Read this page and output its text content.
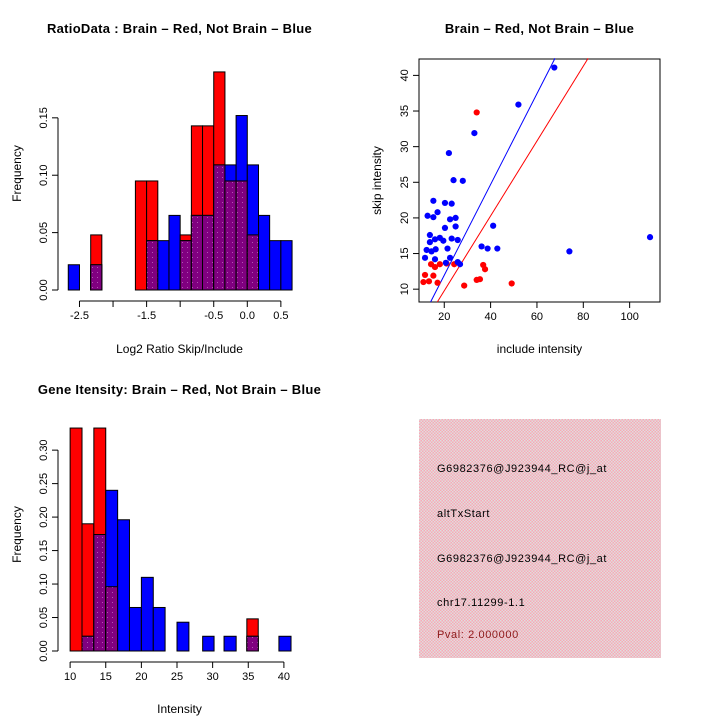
-2.5	-1.5	-0.5 0.0 0.5
0.00
0.05
0.10
0.15
RatioData : Brain – Red, Not Brain – Blue
Log2 Ratio Skip/Include
Frequency
20	40	60	80	100
10
15
20
25
30
35
40
Brain – Red, Not Brain – Blue
include intensity
skip intensity
10 15 20 25 30 35 40
0.00
0.05
0.10
0.15
0.20
0.25
0.30
Gene Itensity: Brain – Red, Not Brain – Blue
Intensity
Frequency
G6982376@J923944_RC@j_at
altTxStart
G6982376@J923944_RC@j_at
chr17.11299-1.1
Pval: 2.000000
